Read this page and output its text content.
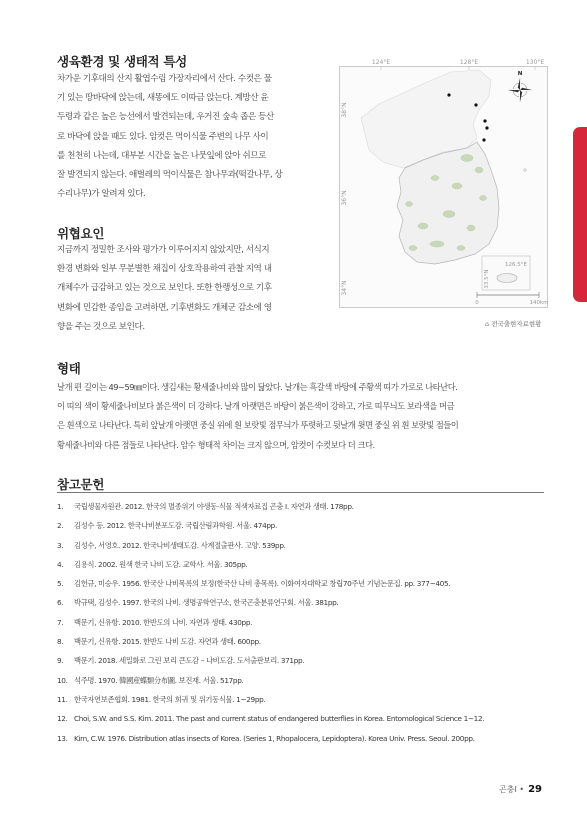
생육환경 및 생태적 특성

차가운 기후대의 산지 활엽수림 가장자리에서 산다. 수컷은 물

기 있는 땅바닥에 앉는데, 새똥에도 이따금 앉는다. 계방산 윤

두령과 같은 높은 능선에서 발견되는데, 우거진 숲속 좁은 등산

로 바닥에 앉을 때도 있다. 암컷은 먹이식물 주변의 나무 사이

를 천천히 나는데, 대부분 시간을 높은 나뭇잎에 앉아 쉬므로

잘 발견되지 않는다. 애벌레의 먹이식물은 참나무과(떡갈나무, 상

수리나무)가 알려져 있다.

위협요인

지금까지 정밀한 조사와 평가가 이루어지지 않았지만, 서식지

환경 변화와 일부 무분별한 채집이 상호작용하여 관찰 지역 내

개체수가 급감하고 있는 것으로 보인다. 또한 한랭성으로 기후

변화에 민감한 종임을 고려하면, 기후변화도 개체군 감소에 영

향을 주는 것으로 보인다.

124°E	128°E	130°E
38°N
36°N
34°N
N
126.5°E
33.5°N
0	140km
⌂ 전국출현자료현황
형태

날개 편 길이는 49~59㎜이다. 생김새는 황세줄나비와 많이 닮았다. 날개는 흑갈색 바탕에 주황색 띠가 가로로 나타난다.

이 띠의 색이 황세줄나비보다 붉은색이 더 강하다. 날개 아랫면은 바탕이 붉은색이 강하고, 가로 띠무늬도 보라색을 머금

은 흰색으로 나타난다. 특히 앞날개 아랫면 중실 위에 흰 보랏빛 점무늬가 뚜렷하고 뒷날개 윗면 중실 위 흰 보랏빛 점들이

황세줄나비와 다른 점들로 나타난다. 암수 형태적 차이는 크지 않으며, 암컷이 수컷보다 더 크다.

참고문헌
1.	국립생물자원관. 2012. 한국의 멸종위기 야생동·식물 적색자료집 곤충 I. 자연과 생태. 178pp.
2.	김성수 등. 2012. 한국나비분포도감. 국립산림과학원. 서울. 474pp.
3.	김성수, 서영호. 2012. 한국나비생태도감. 사계절출판사. 고양. 539pp.
4.	김용식. 2002. 원색 한국 나비 도감. 교학사. 서울. 305pp.
5.	김헌규, 미승우. 1956. 한국산 나비목록의 보정(한국산 나비 총목록). 이화여자대학교 창립70주년 기념논문집. pp. 377~405.
6.	박규택, 김성수. 1997. 한국의 나비. 생명공학연구소, 한국곤충분류연구회. 서울. 381pp.
7.	백문기, 신유항. 2010. 한반도의 나비. 자연과 생태. 430pp.
8.	백문기, 신유항. 2015. 한반도 나비 도감. 자연과 생태. 600pp.
9.	백문기. 2018. 세밀화로 그린 보리 큰도감 – 나비도감. 도서출판보리. 371pp.
10. 석주명. 1970. 韓國産蝶類分布圖. 보진재. 서울. 517pp.
11. 한국자연보존협회. 1981. 한국의 희귀 및 위기동식물. 1~29pp.
12. Choi, S.W. and S.S. Kim. 2011. The past and current status of endangered butterflies in Korea. Entomological Science 1~12.
13. Kim, C.W. 1976. Distribution atlas insects of Korea. (Series 1, Rhopalocera, Lepidoptera). Korea Univ. Press. Seoul. 200pp.
곤충Ⅰ • 29
